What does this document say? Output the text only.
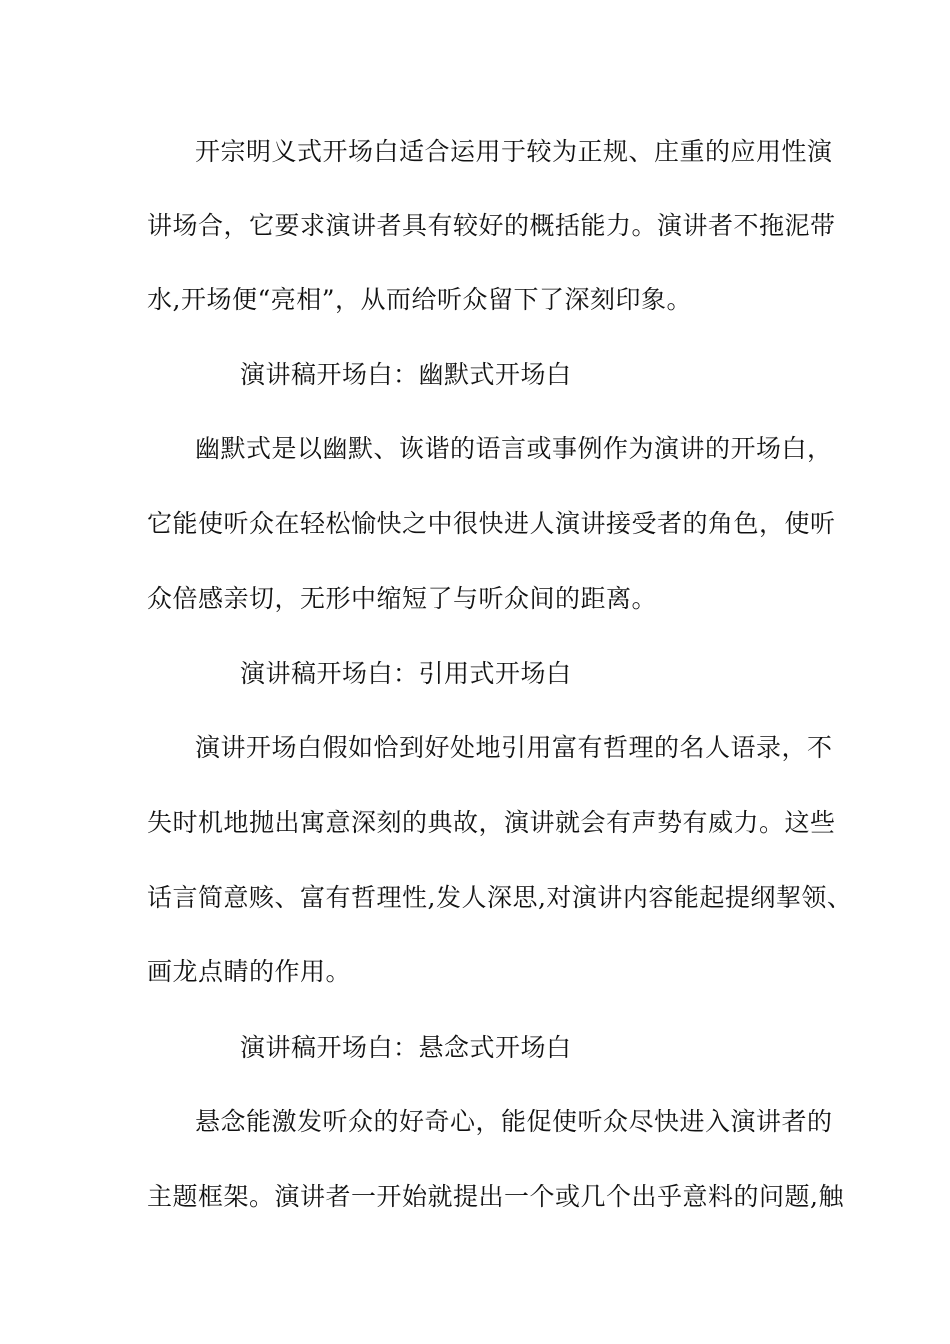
开宗明义式开场白适合运用于较为正规、庄重的应用性演
讲场合，它要求演讲者具有较好的概括能力。演讲者不拖泥带
水,开场便“亮相”，从而给听众留下了深刻印象。
演讲稿开场白：幽默式开场白
幽默式是以幽默、诙谐的语言或事例作为演讲的开场白，
它能使听众在轻松愉快之中很快进人演讲接受者的角色，使听
众倍感亲切，无形中缩短了与听众间的距离。
演讲稿开场白：引用式开场白
演讲开场白假如恰到好处地引用富有哲理的名人语录，不
失时机地抛出寓意深刻的典故，演讲就会有声势有威力。这些
话言简意赅、富有哲理性,发人深思,对演讲内容能起提纲挈领、
画龙点睛的作用。
演讲稿开场白：悬念式开场白
悬念能激发听众的好奇心，能促使听众尽快进入演讲者的
主题框架。演讲者一开始就提出一个或几个出乎意料的问题,触
